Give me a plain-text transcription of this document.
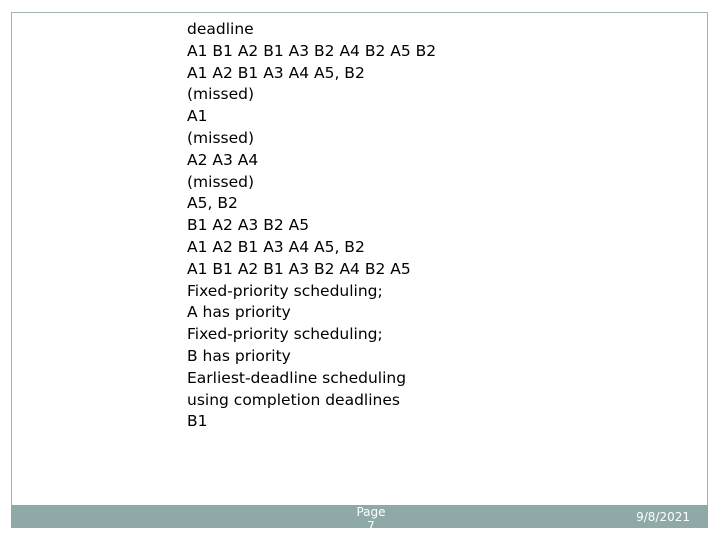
deadline
A1 B1 A2 B1 A3 B2 A4 B2 A5 B2
A1 A2 B1 A3 A4 A5, B2
(missed)
A1
(missed)
A2 A3 A4
(missed)
A5, B2
B1 A2 A3 B2 A5
A1 A2 B1 A3 A4 A5, B2
A1 B1 A2 B1 A3 B2 A4 B2 A5
Fixed-priority scheduling;
A has priority
Fixed-priority scheduling;
B has priority
Earliest-deadline scheduling
using completion deadlines
B1
Page
7
9/8/2021
